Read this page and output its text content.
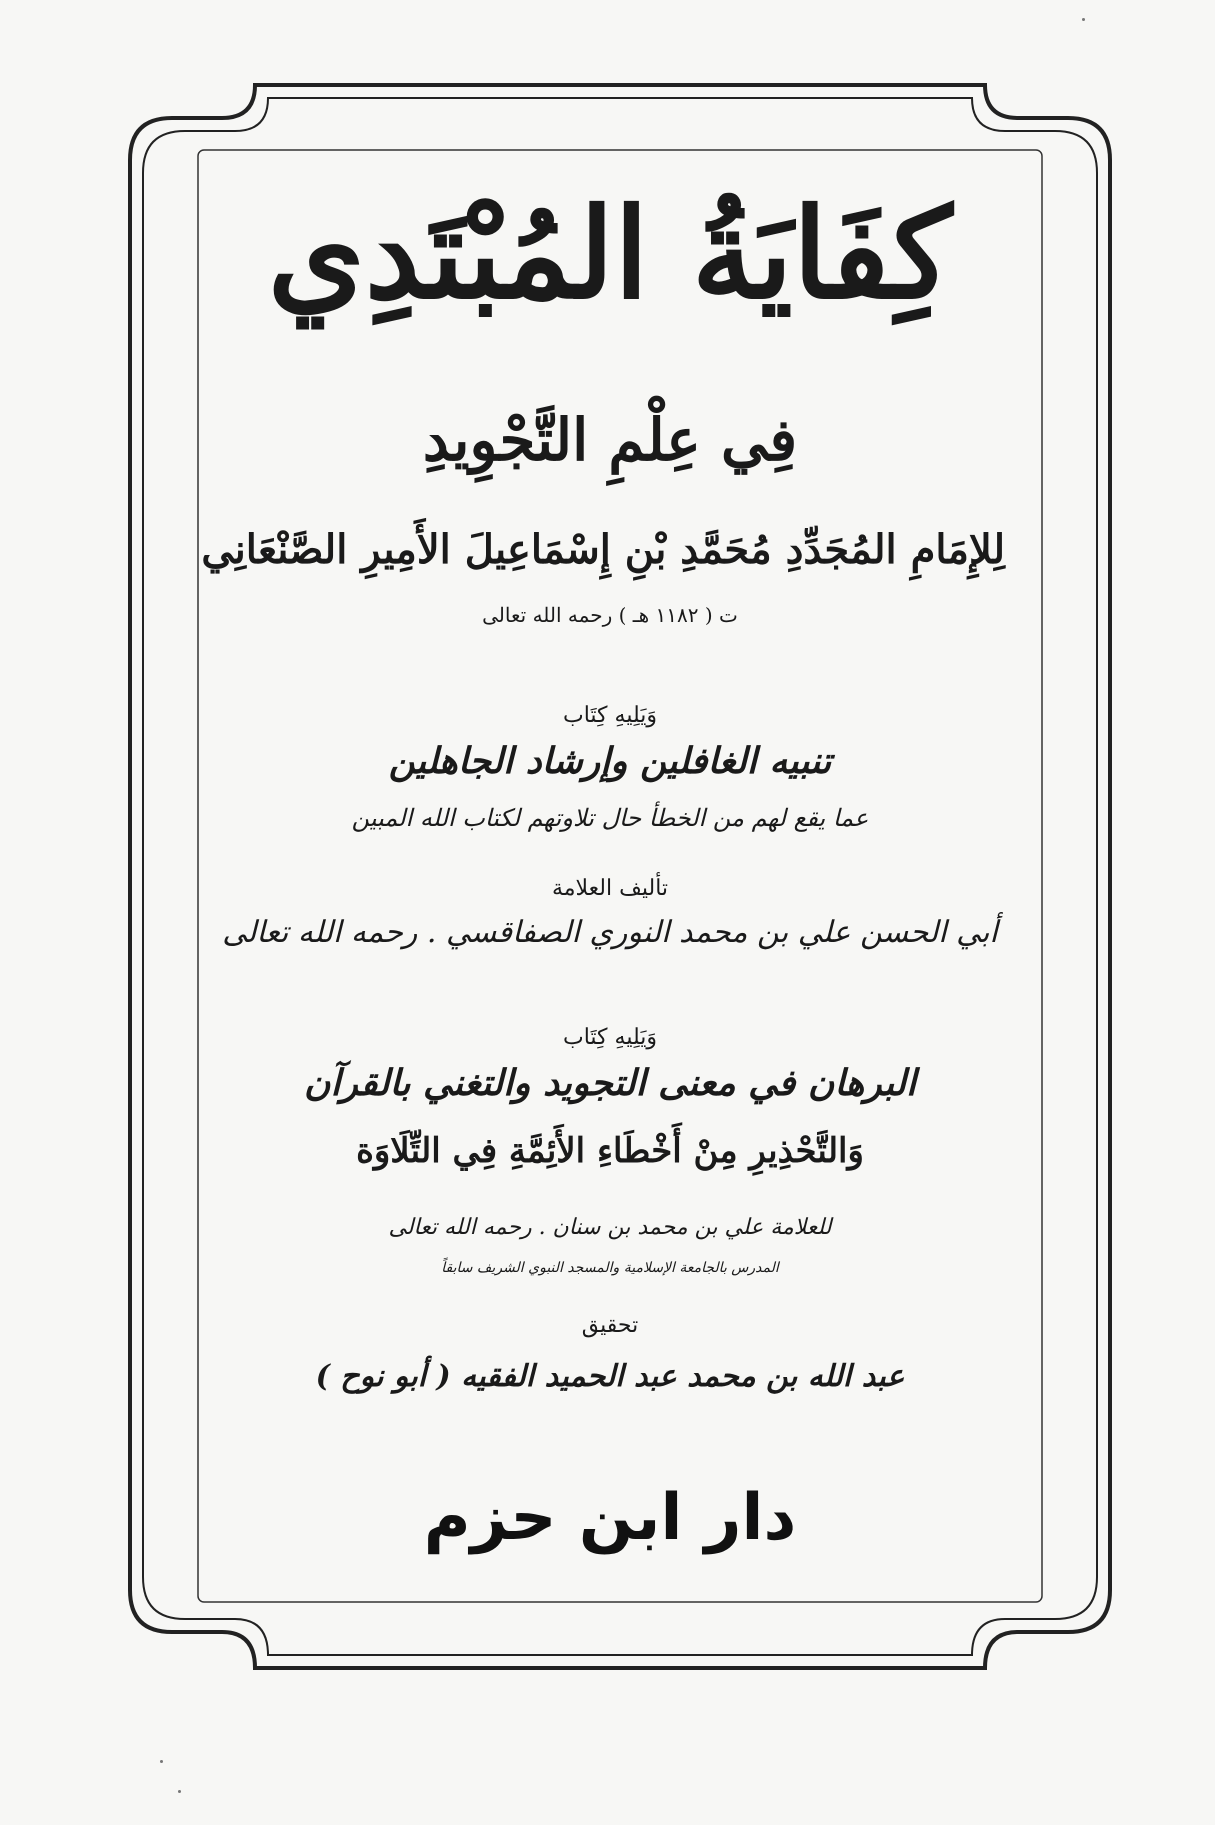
كِفَايَةُ المُبْتَدِي
فِي عِلْمِ التَّجْوِيدِ
لِلإِمَامِ المُجَدِّدِ مُحَمَّدِ بْنِ إِسْمَاعِيلَ الأَمِيرِ الصَّنْعَانِي
ت ( ١١٨٢ هـ ) رحمه الله تعالى
وَيَلِيهِ كِتَاب
تنبيه الغافلين وإرشاد الجاهلين
عما يقع لهم من الخطأ حال تلاوتهم لكتاب الله المبين
تأليف العلامة
أبي الحسن علي بن محمد النوري الصفاقسي . رحمه الله تعالى
وَيَلِيهِ كِتَاب
البرهان في معنى التجويد والتغني بالقرآن
وَالتَّحْذِيرِ مِنْ أَخْطَاءِ الأَئِمَّةِ فِي التِّلَاوَة
للعلامة علي بن محمد بن سنان . رحمه الله تعالى
المدرس بالجامعة الإسلامية والمسجد النبوي الشريف سابقاً
تحقيق
عبد الله بن محمد عبد الحميد الفقيه ( أبو نوح )
دار ابن حزم
